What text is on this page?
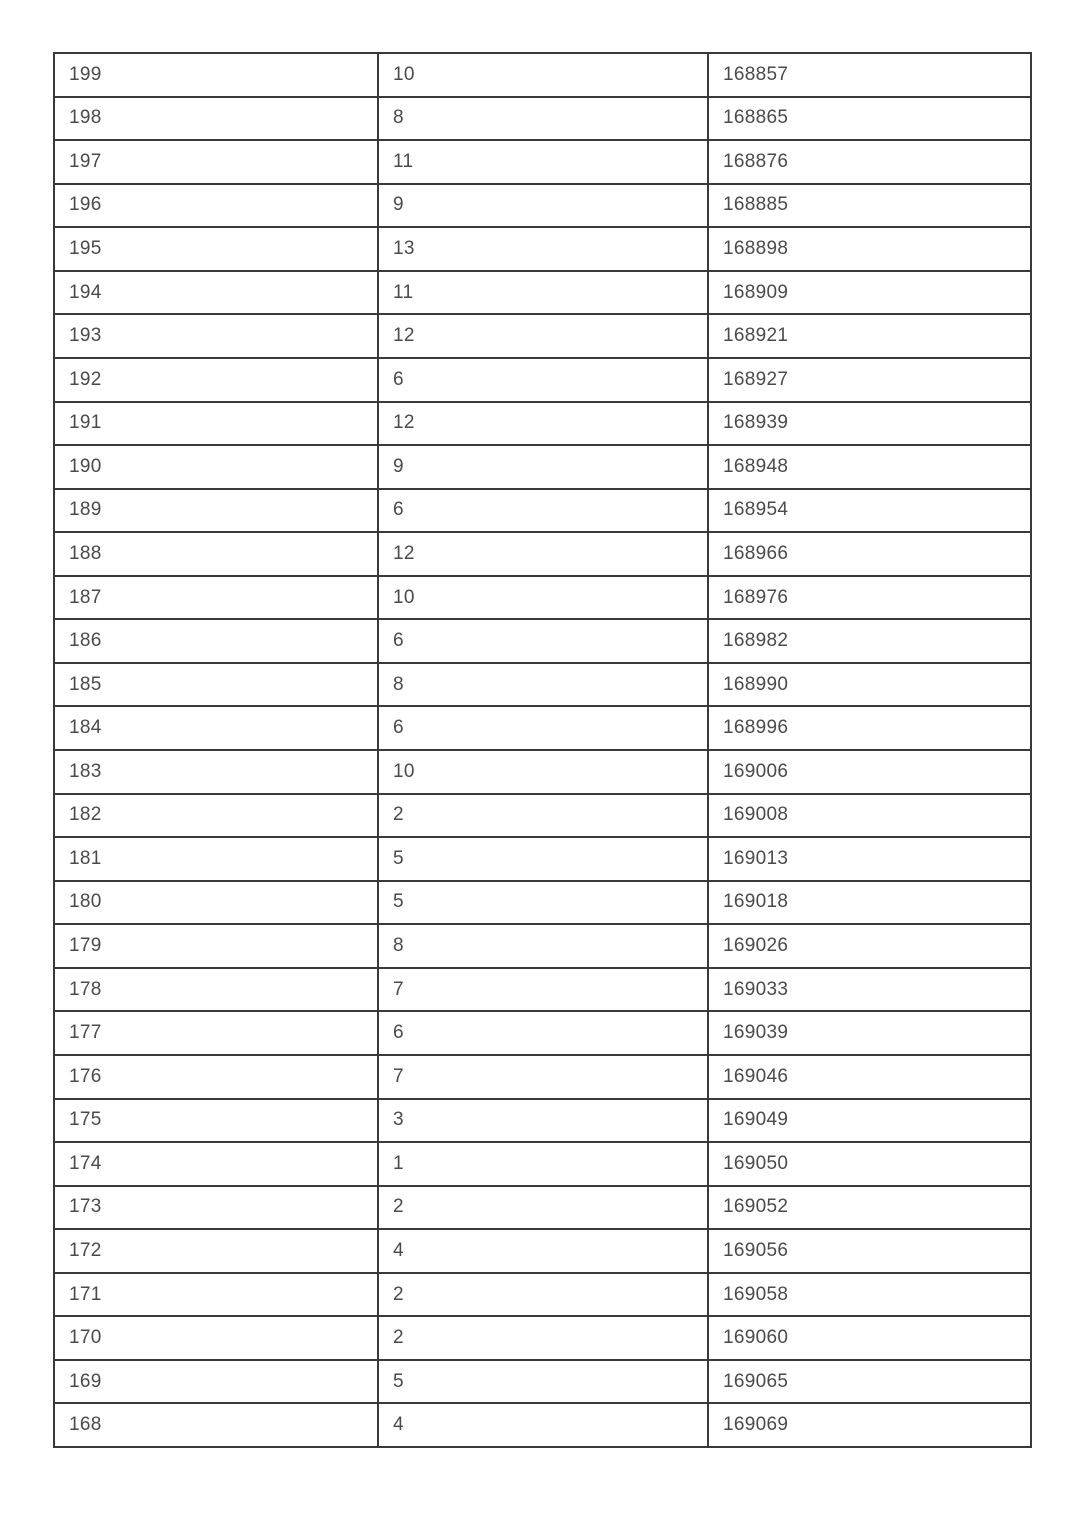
199	10	168857
198	8	168865
197	11	168876
196	9	168885
195	13	168898
194	11	168909
193	12	168921
192	6	168927
191	12	168939
190	9	168948
189	6	168954
188	12	168966
187	10	168976
186	6	168982
185	8	168990
184	6	168996
183	10	169006
182	2	169008
181	5	169013
180	5	169018
179	8	169026
178	7	169033
177	6	169039
176	7	169046
175	3	169049
174	1	169050
173	2	169052
172	4	169056
171	2	169058
170	2	169060
169	5	169065
168	4	169069
